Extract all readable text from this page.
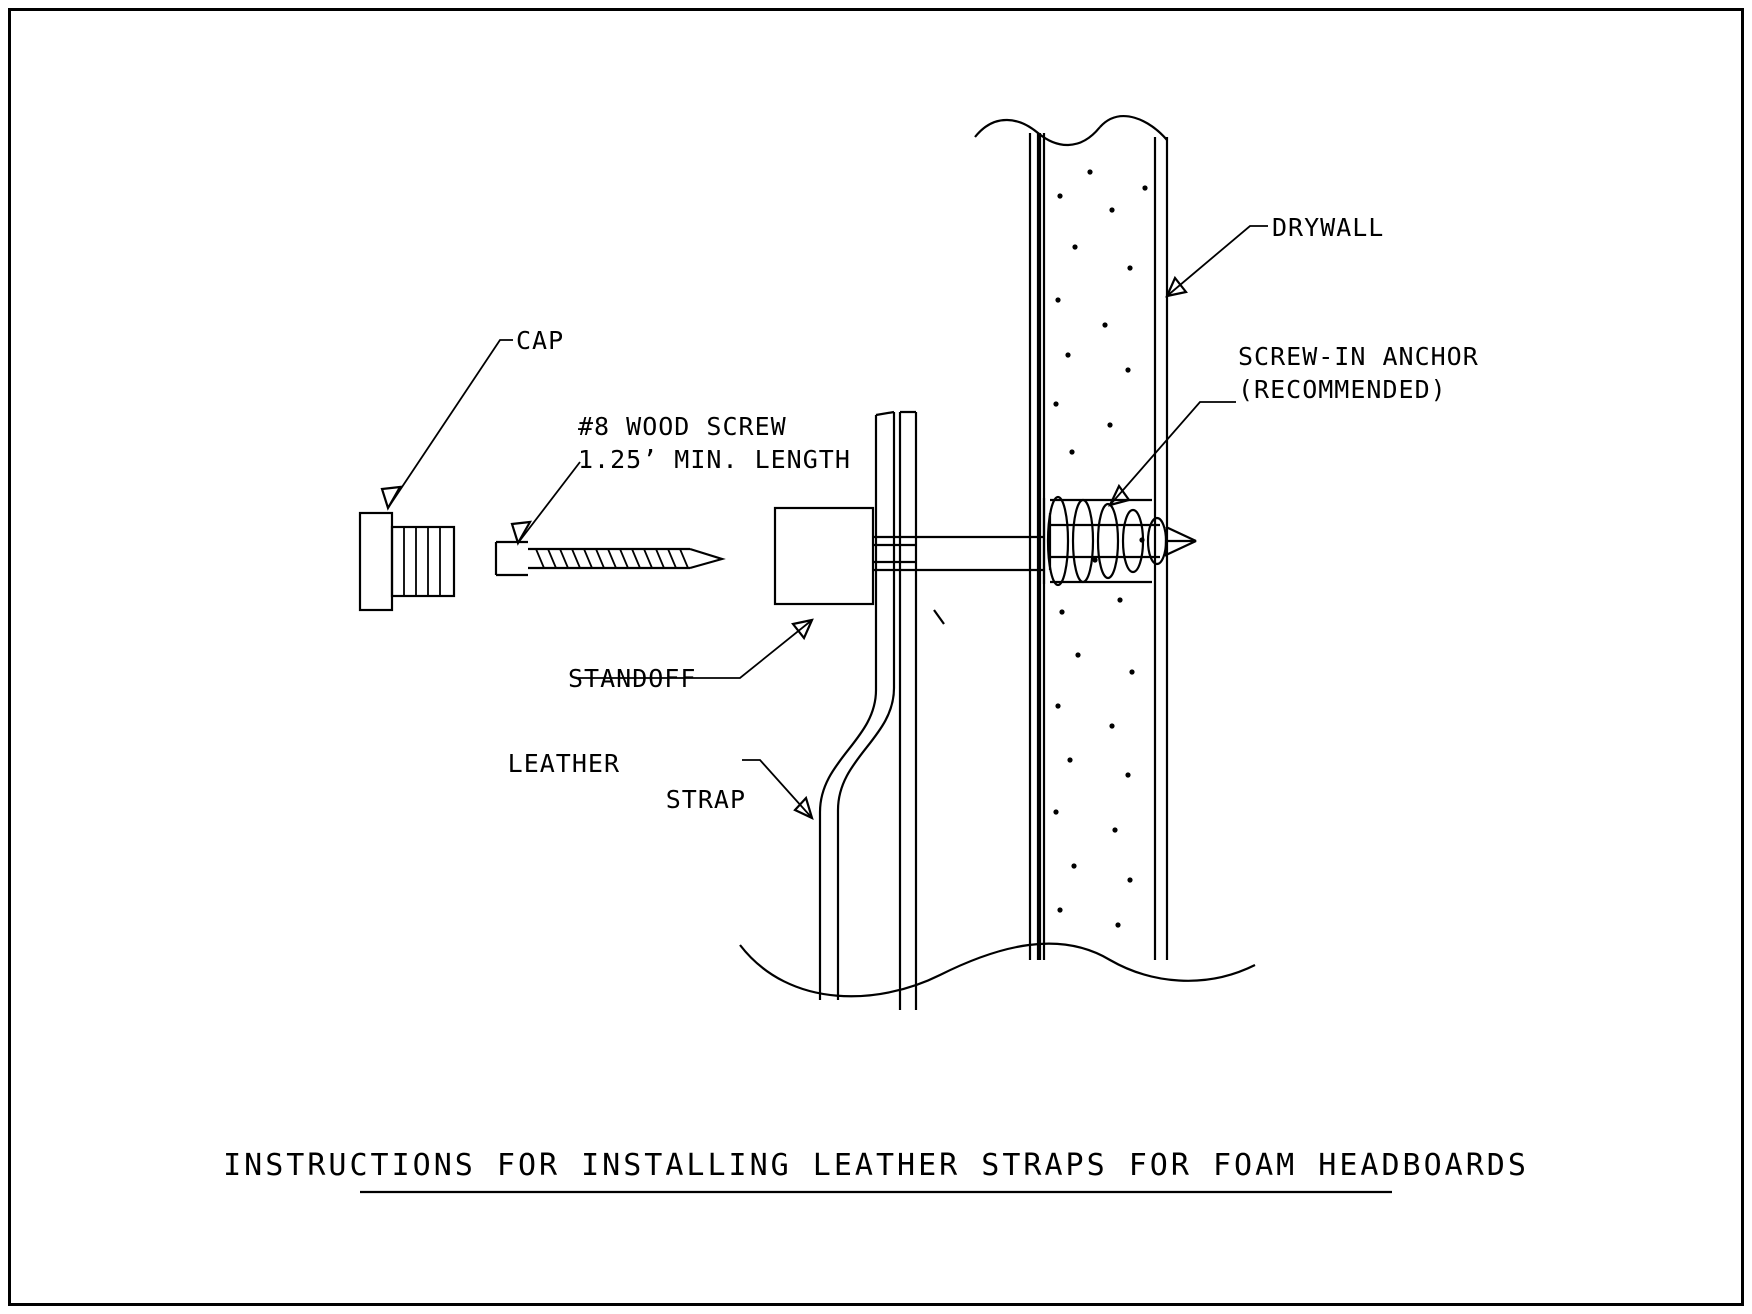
CAP
#8 WOOD SCREW
1.25’ MIN. LENGTH
STANDOFF
LEATHER
STRAP
DRYWALL
SCREW-IN ANCHOR
(RECOMMENDED)
INSTRUCTIONS FOR INSTALLING LEATHER STRAPS FOR FOAM HEADBOARDS
